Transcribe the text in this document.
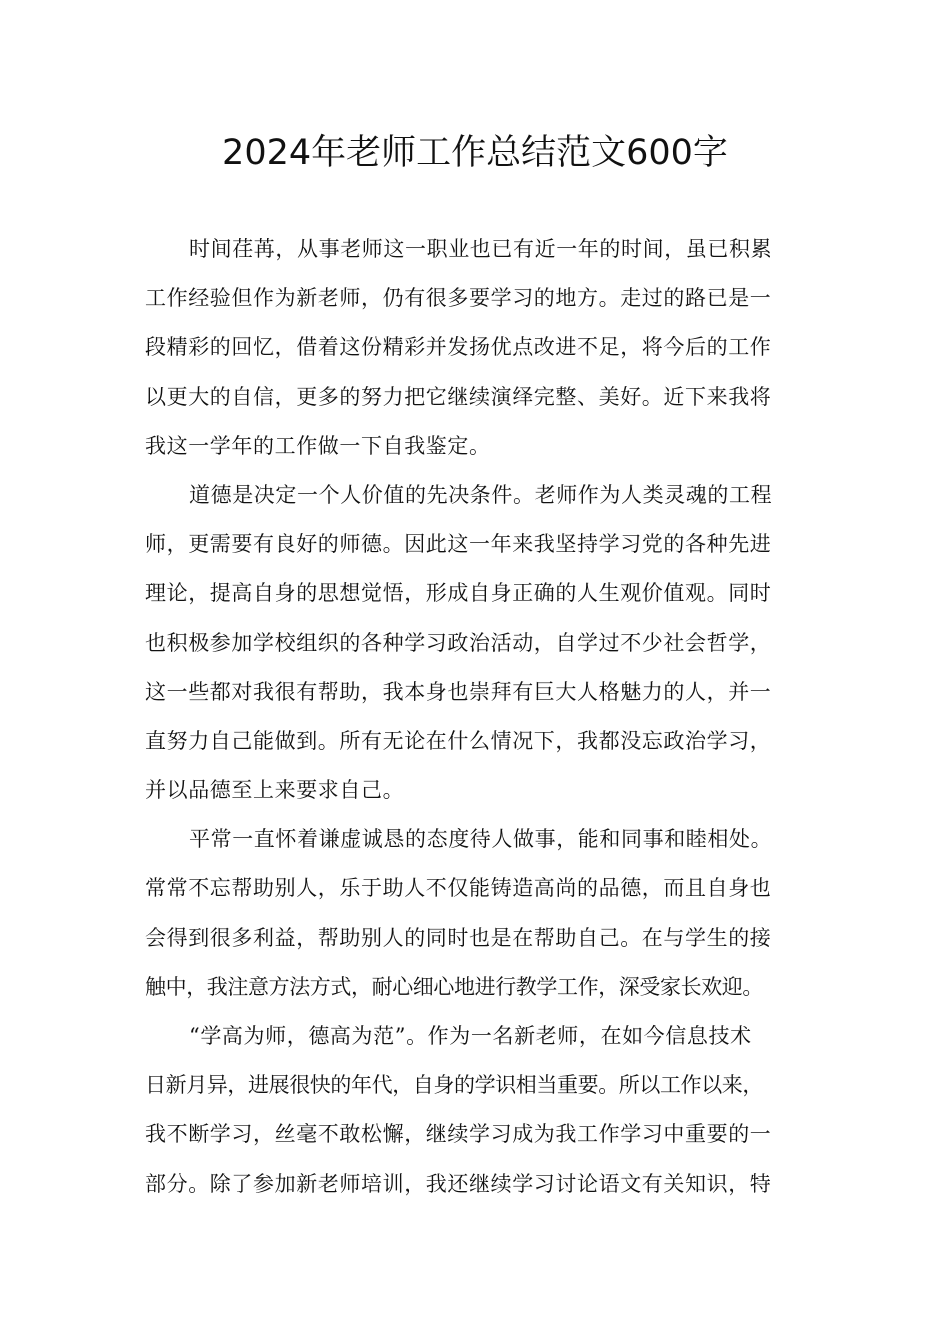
2024年老师工作总结范文600字
时间荏苒，从事老师这一职业也已有近一年的时间，虽已积累
工作经验但作为新老师，仍有很多要学习的地方。走过的路已是一
段精彩的回忆，借着这份精彩并发扬优点改进不足，将今后的工作
以更大的自信，更多的努力把它继续演绎完整、美好。近下来我将
我这一学年的工作做一下自我鉴定。
道德是决定一个人价值的先决条件。老师作为人类灵魂的工程
师，更需要有良好的师德。因此这一年来我坚持学习党的各种先进
理论，提高自身的思想觉悟，形成自身正确的人生观价值观。同时
也积极参加学校组织的各种学习政治活动，自学过不少社会哲学，
这一些都对我很有帮助，我本身也崇拜有巨大人格魅力的人，并一
直努力自己能做到。所有无论在什么情况下，我都没忘政治学习，
并以品德至上来要求自己。
平常一直怀着谦虚诚恳的态度待人做事，能和同事和睦相处。
常常不忘帮助别人，乐于助人不仅能铸造高尚的品德，而且自身也
会得到很多利益，帮助别人的同时也是在帮助自己。在与学生的接
触中，我注意方法方式，耐心细心地进行教学工作，深受家长欢迎。
“学高为师，德高为范”。作为一名新老师，在如今信息技术
日新月异，进展很快的年代，自身的学识相当重要。所以工作以来，
我不断学习，丝毫不敢松懈，继续学习成为我工作学习中重要的一
部分。除了参加新老师培训，我还继续学习讨论语文有关知识，特
